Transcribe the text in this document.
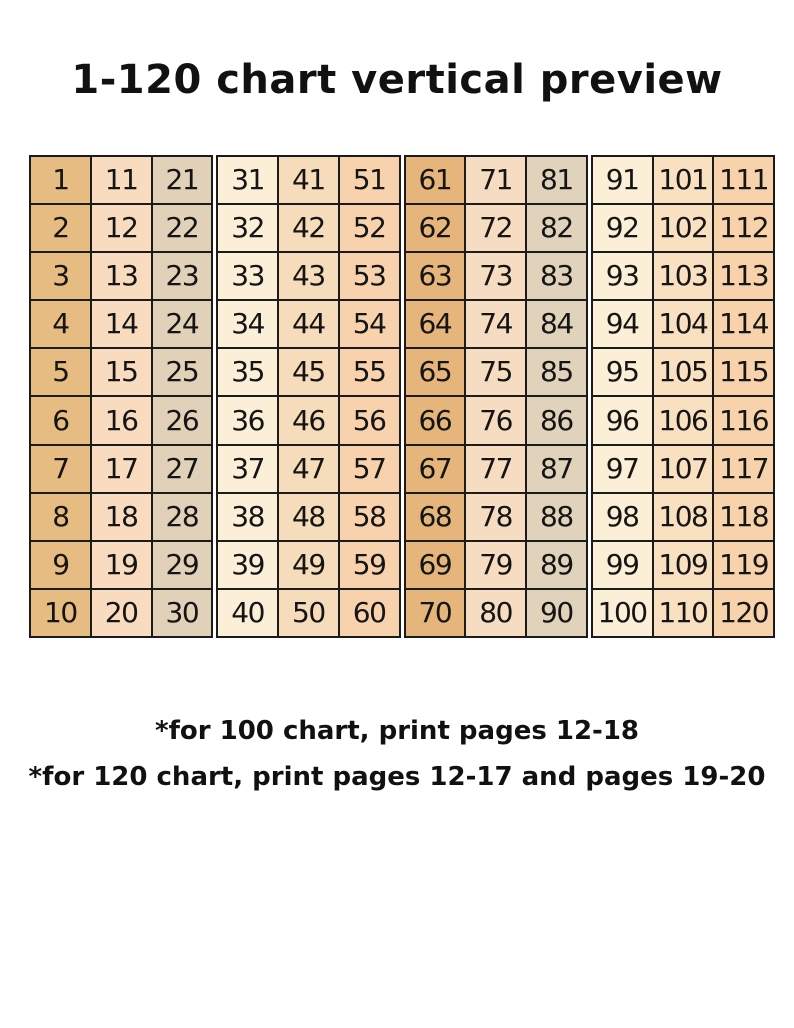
1-120 chart vertical preview
1	11	21
2	12	22
3	13	23
4	14	24
5	15	25
6	16	26
7	17	27
8	18	28
9	19	29
10	20	30
31	41	51
32	42	52
33	43	53
34	44	54
35	45	55
36	46	56
37	47	57
38	48	58
39	49	59
40	50	60
61	71	81
62	72	82
63	73	83
64	74	84
65	75	85
66	76	86
67	77	87
68	78	88
69	79	89
70	80	90
91 101 111
92 102 112
93 103 113
94 104 114
95 105 115
96 106 116
97 107 117
98 108 118
99 109 119
100 110 120
*for 100 chart, print pages 12-18
*for 120 chart, print pages 12-17 and pages 19-20
